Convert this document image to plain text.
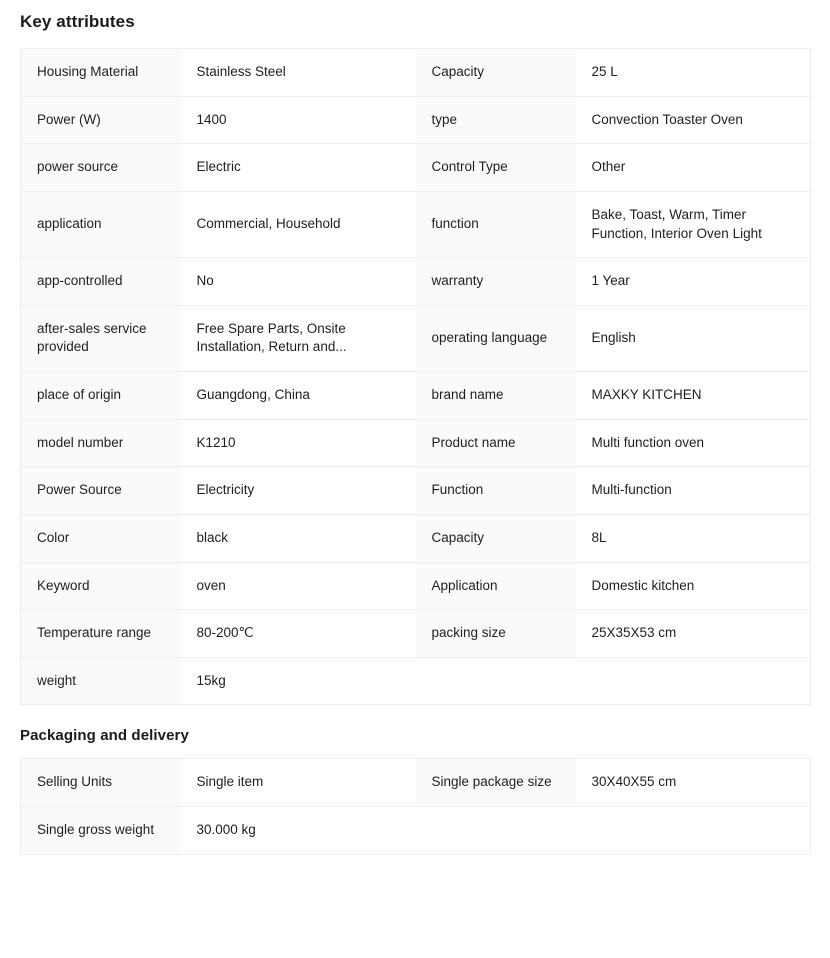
Key attributes
Housing Material	Stainless Steel	Capacity	25 L
Power (W)	1400	type	Convection Toaster Oven
power source	Electric	Control Type	Other
application	Commercial, Household	function	Bake, Toast, Warm, Timer Function, Interior Oven Light
app-controlled	No	warranty	1 Year
after-sales service provided	Free Spare Parts, Onsite Installation, Return and...	operating language	English
place of origin	Guangdong, China	brand name	MAXKY KITCHEN
model number	K1210	Product name	Multi function oven
Power Source	Electricity	Function	Multi-function
Color	black	Capacity	8L
Keyword	oven	Application	Domestic kitchen
Temperature range	80-200℃	packing size	25X35X53 cm
weight	15kg		
Packaging and delivery
Selling Units	Single item	Single package size	30X40X55 cm
Single gross weight	30.000 kg		
